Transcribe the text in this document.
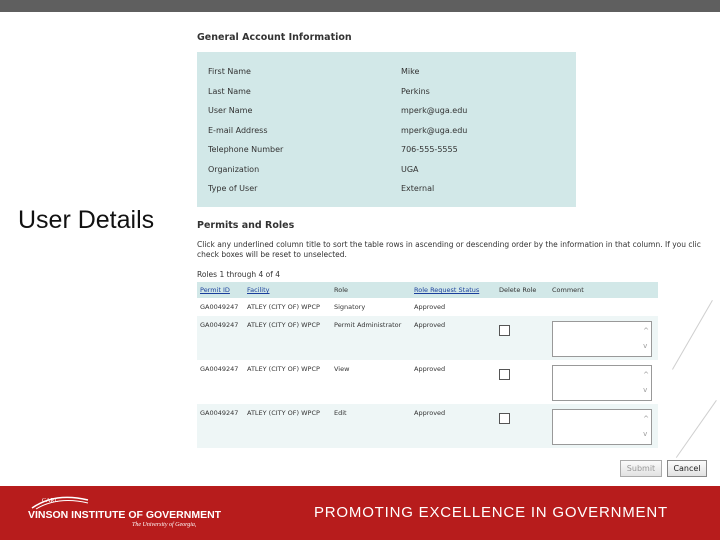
User Details
General Account Information
First Name	Mike
Last Name	Perkins
User Name	mperk@uga.edu
E-mail Address	mperk@uga.edu
Telephone Number	706-555-5555
Organization	UGA
Type of User	External
Permits and Roles
Click any underlined column title to sort the table rows in ascending or descending order by the information in that column. If you clic check boxes will be reset to unselected.
Roles 1 through 4 of 4
Permit ID	Facility	Role	Role Request Status	Delete Role	Comment
GA0049247	ATLEY (CITY OF) WPCP	Signatory	Approved		
GA0049247	ATLEY (CITY OF) WPCP	Permit Administrator	Approved		^
v

GA0049247	ATLEY (CITY OF) WPCP	View	Approved		^
v

GA0049247	ATLEY (CITY OF) WPCP	Edit	Approved		^
v
Submit	Cancel
CARL
VINSON INSTITUTE OF GOVERNMENT
The University of Georgia,
PROMOTING EXCELLENCE IN GOVERNMENT
